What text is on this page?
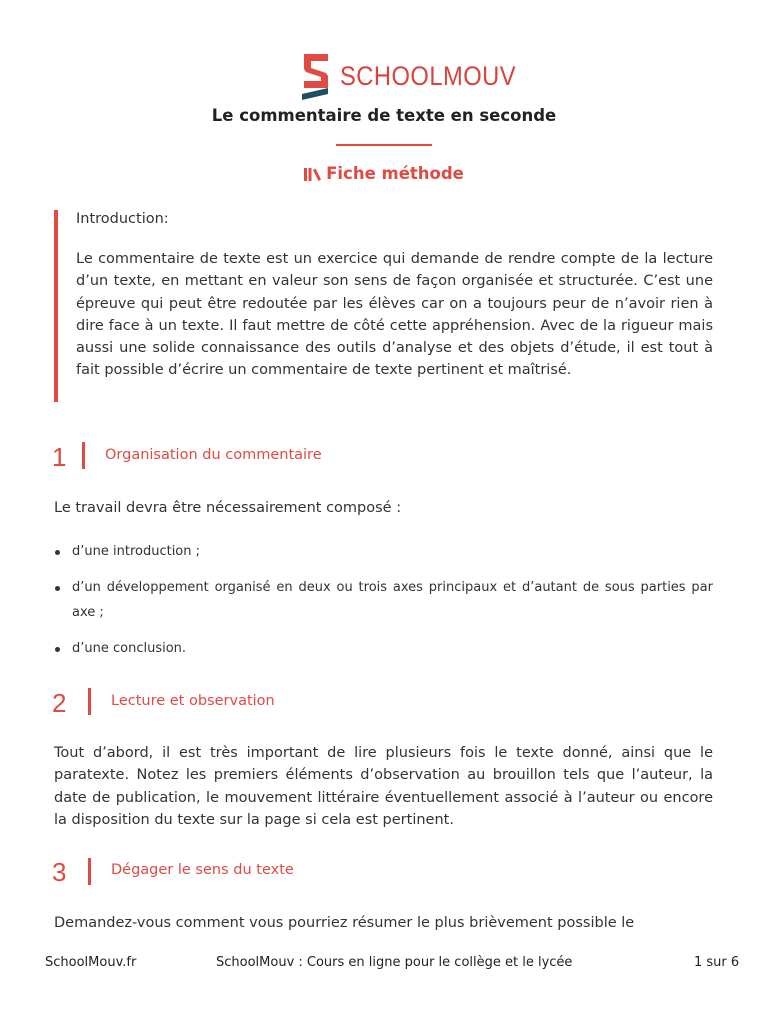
SCHOOLMOUV
Le commentaire de texte en seconde
Fiche méthode
Introduction:
Le commentaire de texte est un exercice qui demande de rendre compte de la lecture d’un texte, en mettant en valeur son sens de façon organisée et structurée. C’est une épreuve qui peut être redoutée par les élèves car on a toujours peur de n’avoir rien à dire face à un texte. Il faut mettre de côté cette appréhension. Avec de la rigueur mais aussi une solide connaissance des outils d’analyse et des objets d’étude, il est tout à fait possible d’écrire un commentaire de texte pertinent et maîtrisé.
1	Organisation du commentaire
Le travail devra être nécessairement composé :
d’une introduction ;
d’un développement organisé en deux ou trois axes principaux et d’autant de sous parties par axe ;
d’une conclusion.
2	Lecture et observation
Tout d’abord, il est très important de lire plusieurs fois le texte donné, ainsi que le paratexte. Notez les premiers éléments d’observation au brouillon tels que l’auteur, la date de publication, le mouvement littéraire éventuellement associé à l’auteur ou encore la disposition du texte sur la page si cela est pertinent.
3	Dégager le sens du texte
Demandez-vous comment vous pourriez résumer le plus brièvement possible le
SchoolMouv.fr	SchoolMouv : Cours en ligne pour le collège et le lycée	1 sur 6
